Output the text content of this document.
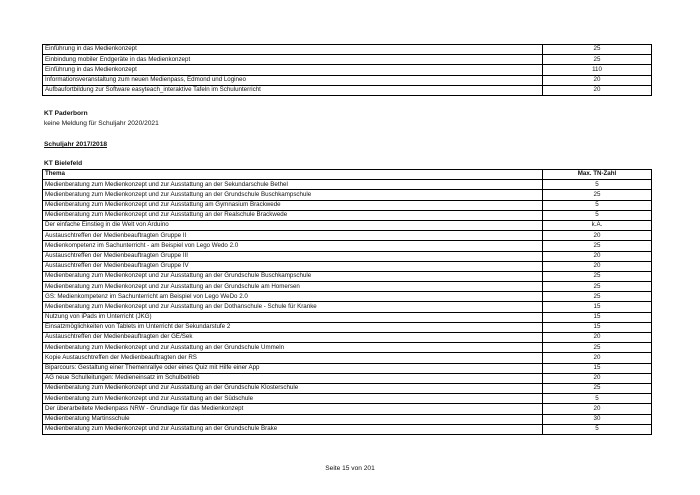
Einführung in das Medienkonzept	25
Einbindung mobiler Endgeräte in das Medienkonzept	25
Einführung in das Medienkonzept	110
Informationsveranstaltung zum neuen Medienpass, Edmond und Logineo	20
Aufbaufortbildung zur Software easyteach_interaktive Tafeln im Schulunterricht	20
KT Paderborn
keine Meldung für Schuljahr 2020/2021
Schuljahr 2017/2018
KT Bielefeld
Thema	Max. TN-Zahl
Medienberatung zum Medienkonzept und zur Ausstattung an der Sekundarschule Bethel	5
Medienberatung zum Medienkonzept und zur Ausstattung an der Grundschule Buschkampschule	25
Medienberatung zum Medienkonzept und zur Ausstattung am Gymnasium Brackwede	5
Medienberatung zum Medienkonzept und zur Ausstattung an der Realschule Brackwede	5
Der einfache Einstieg in die Welt von Arduino	k.A.
Austauschtreffen der Medienbeauftragten Gruppe II	20
Medienkompetenz im Sachunterricht - am Beispiel von Lego Wedo 2.0	25
Austauschtreffen der Medienbeauftragten Gruppe III	20
Austauschtreffen der Medienbeauftragten Gruppe IV	20
Medienberatung zum Medienkonzept und zur Ausstattung an der Grundschule Buschkampschule	25
Medienberatung zum Medienkonzept und zur Ausstattung an der Grundschule am Homersen	25
GS: Medienkompetenz im Sachunterricht am Beispiel von Lego WeDo 2.0	25
Medienberatung zum Medienkonzept und zur Ausstattung an der Dothanschule - Schule für Kranke	15
Nutzung von iPads im Unterricht (JKG)	15
Einsatzmöglichkeiten von Tablets im Unterricht der Sekundarstufe 2	15
Austauschtreffen der Medienbeauftragten der GE/Sek	20
Medienberatung zum Medienkonzept und zur Ausstattung an der Grundschule Ummeln	25
Kopie Austauschtreffen der Medienbeauftragten der RS	20
Biparcours: Gestaltung einer Themenrallye oder eines Quiz mit Hilfe einer App	15
AG neue Schulleitungen: Medieneinsatz im Schulbetrieb	20
Medienberatung zum Medienkonzept und zur Ausstattung an der Grundschule Klosterschule	25
Medienberatung zum Medienkonzept und zur Ausstattung an der Südschule	5
Der überarbeitete Medienpass NRW - Grundlage für das Medienkonzept	20
Medienberatung Martinsschule	30
Medienberatung zum Medienkonzept und zur Ausstattung an der Grundschule Brake	5
Seite 15 von 201
